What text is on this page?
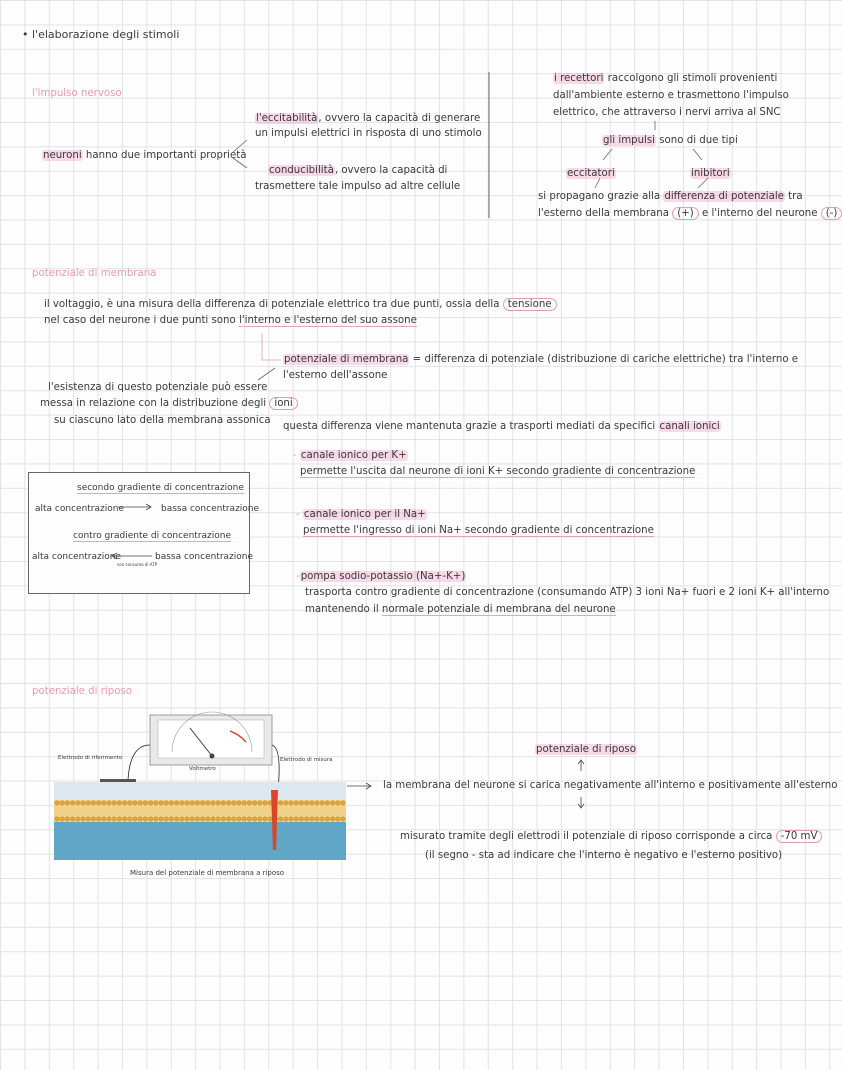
• l'elaborazione degli stimoli
l'impulso nervoso
neuroni hanno due importanti proprietà
l'eccitabilità, ovvero la capacità di generare
un impulsi elettrici in risposta di uno stimolo
conducibilità, ovvero la capacità di
trasmettere tale impulso ad altre cellule
i recettori raccolgono gli stimoli provenienti
dall'ambiente esterno e trasmettono l'impulso
elettrico, che attraverso i nervi arriva al SNC
gli impulsi sono di due tipi
eccitatori	inibitori
si propagano grazie alla differenza di potenziale tra
l'esterno della membrana (+) e l'interno del neurone (-)
potenziale di membrana
il voltaggio, è una misura della differenza di potenziale elettrico tra due punti, ossia della tensione
nel caso del neurone i due punti sono l'interno e l'esterno del suo assone
potenziale di membrana = differenza di potenziale (distribuzione di cariche elettriche) tra l'interno e
l'esterno dell'assone
l'esistenza di questo potenziale può essere
messa in relazione con la distribuzione degli ioni
su ciascuno lato della membrana assonica
questa differenza viene mantenuta grazie a trasporti mediati da specifici canali ionici
- canale ionico per K+
permette l'uscita dal neurone di ioni K+ secondo gradiente di concentrazione
- canale ionico per il Na+
permette l'ingresso di ioni Na+ secondo gradiente di concentrazione
-pompa sodio-potassio (Na+-K+)
trasporta contro gradiente di concentrazione (consumando ATP) 3 ioni Na+ fuori e 2 ioni K+ all'interno
mantenendo il normale potenziale di membrana del neurone
secondo gradiente di concentrazione
alta concentrazione	bassa concentrazione
contro gradiente di concentrazione
alta concentrazione	bassa concentrazione
con consumo di ATP
potenziale di riposo
potenziale di riposo
la membrana del neurone si carica negativamente all'interno e positivamente all'esterno
misurato tramite degli elettrodi il potenziale di riposo corrisponde a circa -70 mV
(il segno - sta ad indicare che l'interno è negativo e l'esterno positivo)
Elettrodo di riferimento	Elettrodo di misura
Voltmetro
Misura del potenziale di membrana a riposo
